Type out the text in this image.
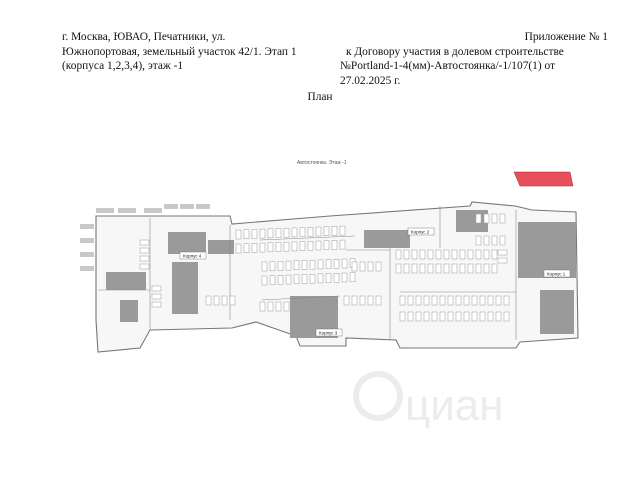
г. Москва, ЮВАО, Печатники, ул.
Южнопортовая, земельный участок 42/1. Этап 1
(корпуса 1,2,3,4), этаж -1
Приложение № 1
к Договору участия в долевом строительстве
№Portland-1-4(мм)-Автостоянка/-1/107(1) от
27.02.2025 г.
План
Автостоянка. Этаж -1
циан
Корпус 4
Корпус 2
Корпус 3
Корпус 1
